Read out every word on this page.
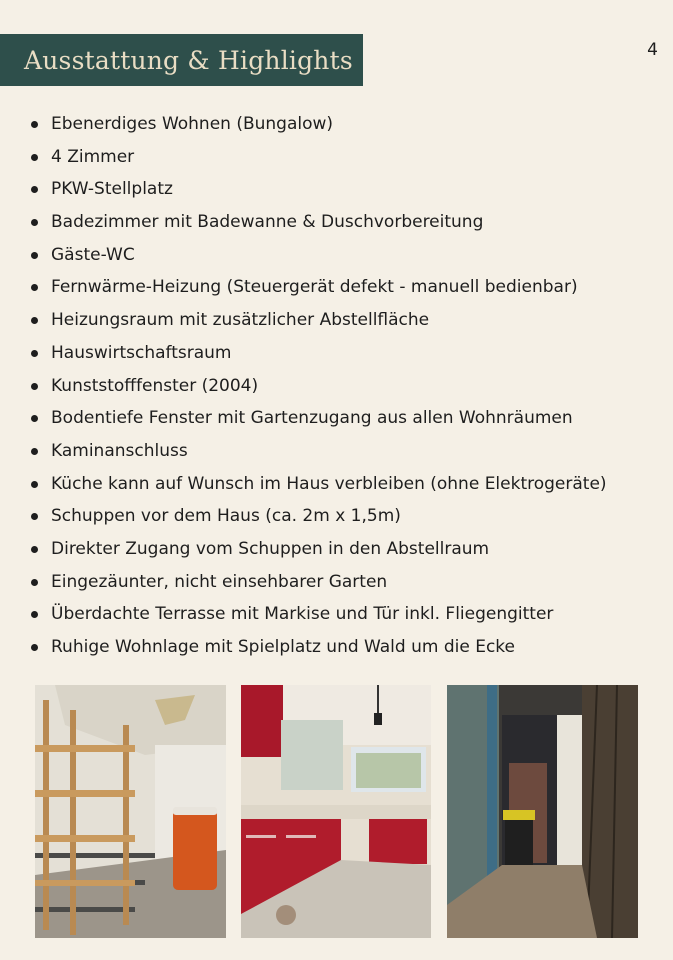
Ausstattung & Highlights	4
Ebenerdiges Wohnen (Bungalow)
4 Zimmer
PKW-Stellplatz
Badezimmer mit Badewanne & Duschvorbereitung
Gäste-WC
Fernwärme-Heizung (Steuergerät defekt - manuell bedienbar)
Heizungsraum mit zusätzlicher Abstellfläche
Hauswirtschaftsraum
Kunststofffenster (2004)
Bodentiefe Fenster mit Gartenzugang aus allen Wohnräumen
Kaminanschluss
Küche kann auf Wunsch im Haus verbleiben (ohne Elektrogeräte)
Schuppen vor dem Haus (ca. 2m x 1,5m)
Direkter Zugang vom Schuppen in den Abstellraum
Eingezäunter, nicht einsehbarer Garten
Überdachte Terrasse mit Markise und Tür inkl. Fliegengitter
Ruhige Wohnlage mit Spielplatz und Wald um die Ecke
